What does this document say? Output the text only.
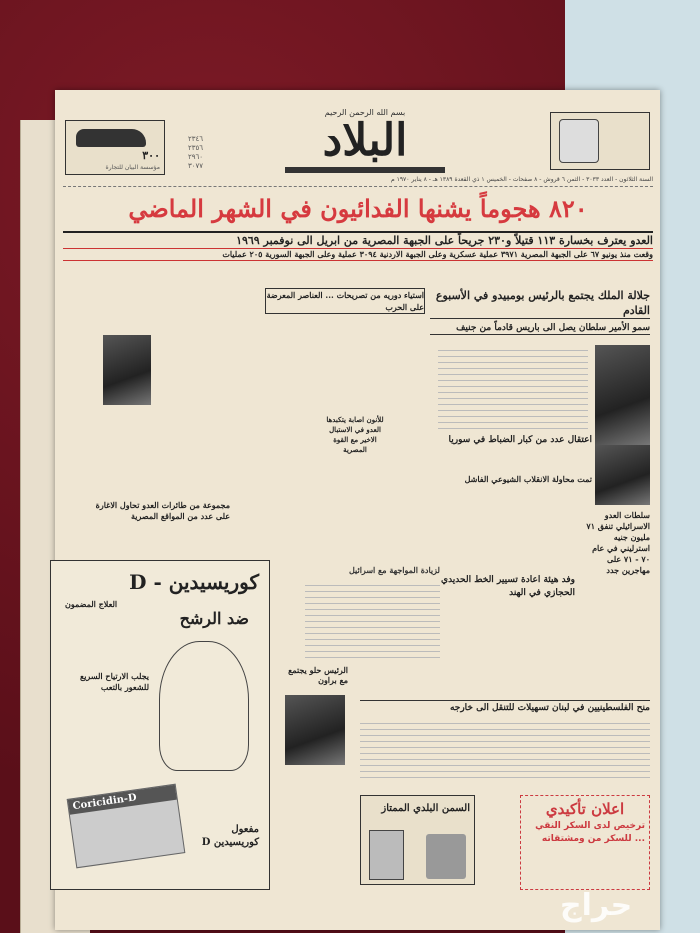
٣٠٠
مؤسسة البيان للتجارة
٢٣٤٦
٢٣٥٦
٢٩٦٠
٣٠٧٧
بسم الله الرحمن الرحيم
البلاد
السنة الثلاثون - العدد ٣٠٣٣ - الثمن ٦ قروش - ٨ صفحات - الخميس ١ ذي القعدة ١٣٨٩ هـ - ٨ يناير ١٩٧٠ م
٨٢٠ هجوماً يشنها الفدائيون في الشهر الماضي
العدو يعترف بخسارة ١١٣ قتيلاً و٢٣٠ جريحاً على الجبهة المصرية من ابريل الى نوفمبر ١٩٦٩
وقعت منذ يونيو ٦٧ على الجبهة المصرية ٣٩٧١ عملية عسكرية وعلى الجبهة الاردنية ٣٠٩٤ عملية وعلى الجبهة السورية ٢٠٥ عمليات
جلالة الملك يجتمع بالرئيس بومبيدو في الأسبوع القادم
سمو الأمير سلطان يصل الى باريس قادماً من جنيف
اعتقال عدد من كبار الضباط في سوريا
تمت محاولة الانقلاب الشيوعي الفاشل
سلطات العدو الاسرائيلي تنفق ٧١ مليون جنيه استرليني في عام ٧٠ - ٧١ على مهاجرين جدد
وفد هيئة اعادة تسيير الخط الحديدي الحجازي في الهند
منح الفلسطينيين في لبنان تسهيلات للتنقل الى خارجه
استياء دوريه من تصريحات ... العناصر المعرضة على الحرب
للأنون اصابة يتكبدها العدو في الاستبال الاخير مع القوة المصرية
لزيادة المواجهة مع اسرائيل
الرئيس حلو يجتمع مع براون
مجموعة من طائرات العدو تحاول الاغارة على عدد من المواقع المصرية
كوريسيدين - D
العلاج المضمون
ضد الرشح
يجلب الارتياح السريع للشعور بالتعب
Coricidin-D
مفعول كوريسيدين D
السمن البلدي الممتاز	اعلان تأكيدي
ترخيص لدى السكر النقي ... للسكر من ومشتقاته
حراج
